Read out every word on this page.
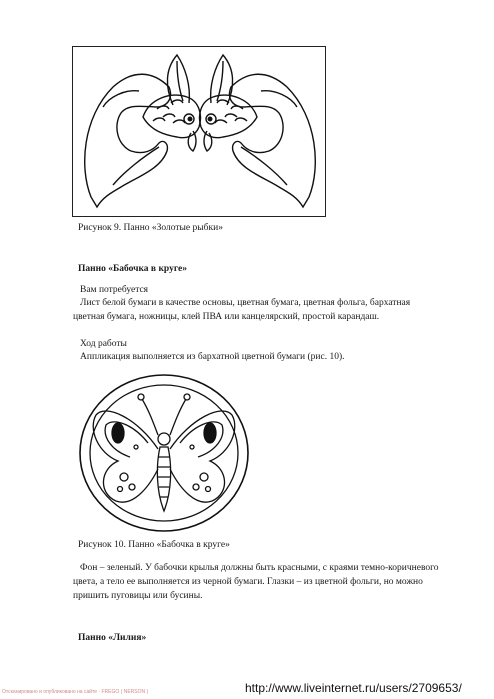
Рисунок 9. Панно «Золотые рыбки»
Панно «Бабочка в круге»
Вам потребуется
Лист белой бумаги в качестве основы, цветная бумага, цветная фольга, бархатная
цветная бумага, ножницы, клей ПВА или канцелярский, простой карандаш.
Ход работы
Аппликация выполняется из бархатной цветной бумаги (рис. 10).
Рисунок 10. Панно «Бабочка в круге»
Фон – зеленый. У бабочки крылья должны быть красными, с краями темно-коричневого
цвета, а тело ее выполняется из черной бумаги. Глазки – из цветной фольги, но можно
пришить пуговицы или бусины.
Панно «Лилия»
Отсканировано и опубликовано на сайте · FREGO ( NERSON )	http://www.liveinternet.ru/users/2709653/
